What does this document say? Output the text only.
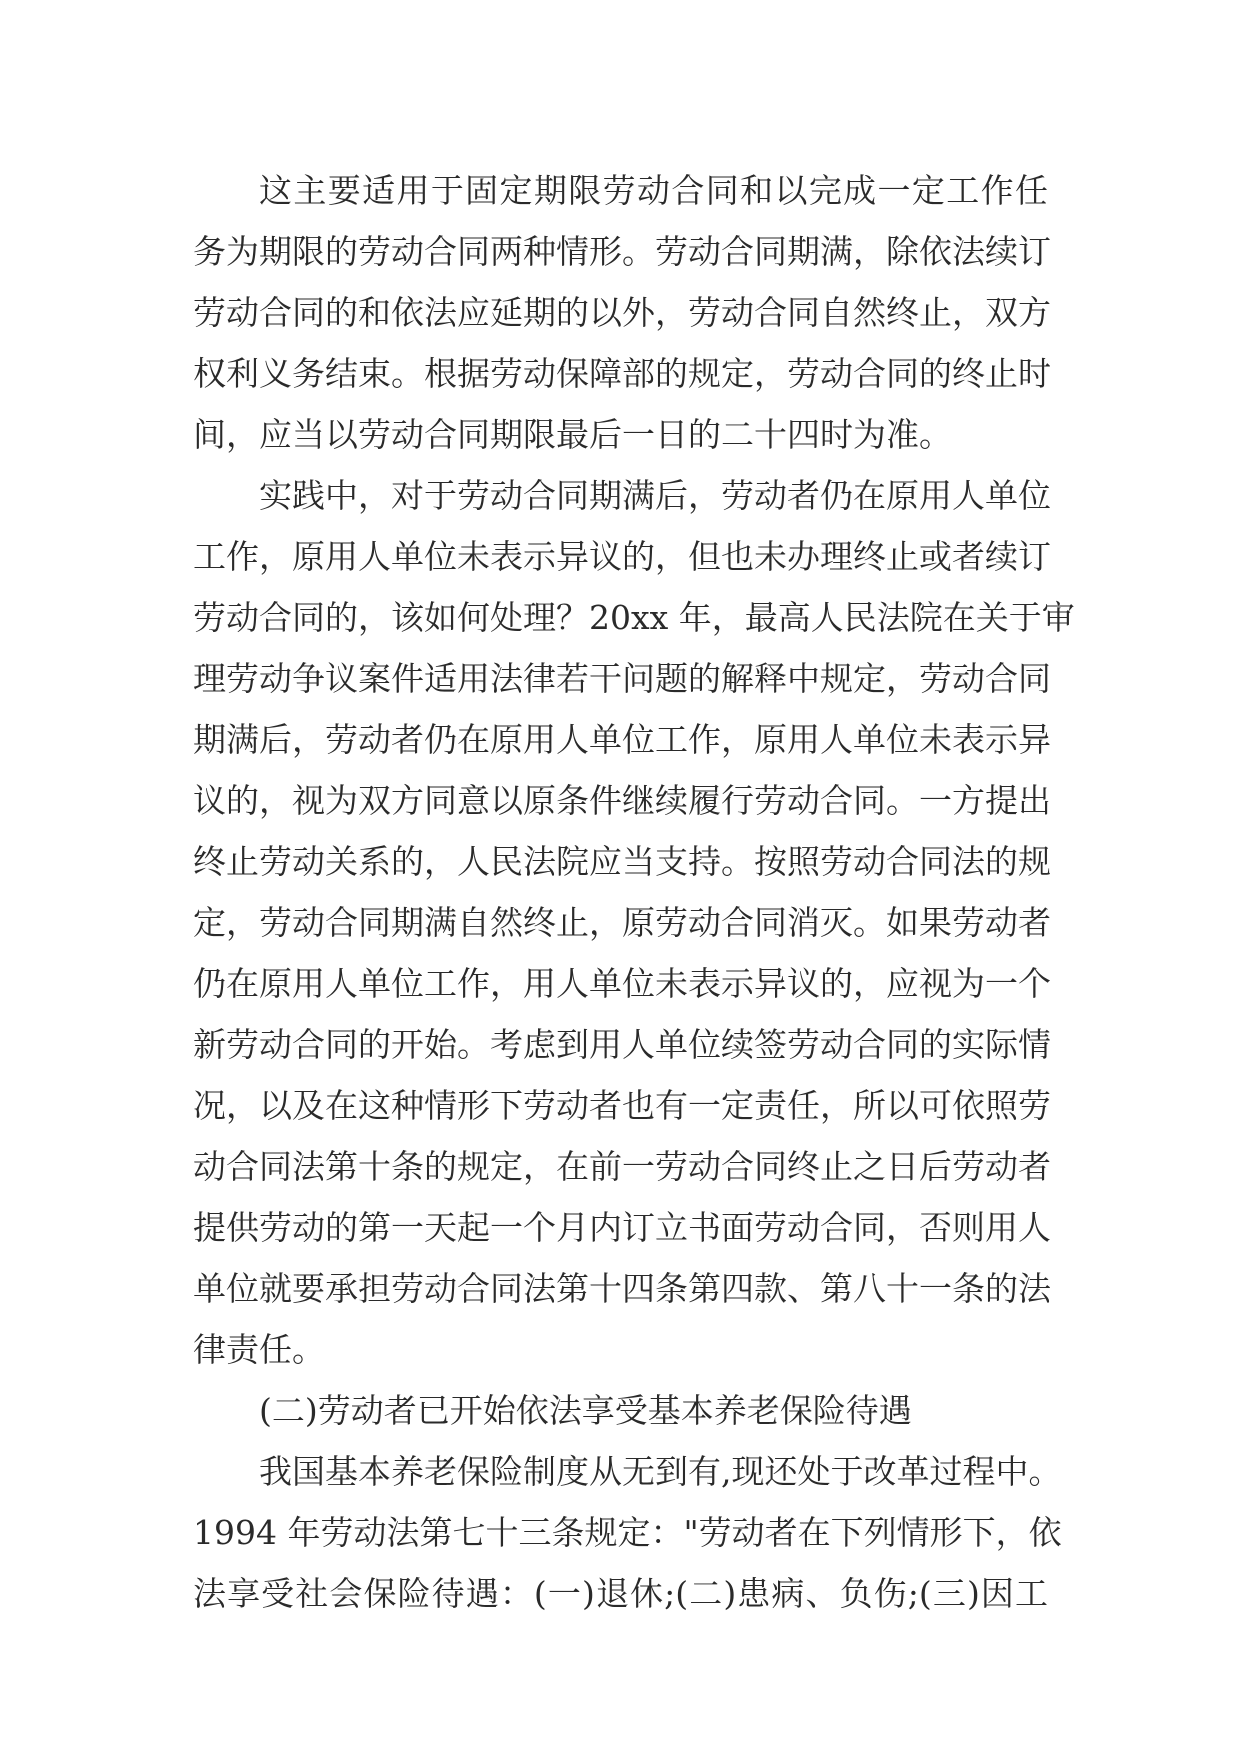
这主要适用于固定期限劳动合同和以完成一定工作任
务为期限的劳动合同两种情形。劳动合同期满，除依法续订
劳动合同的和依法应延期的以外，劳动合同自然终止，双方
权利义务结束。根据劳动保障部的规定，劳动合同的终止时
间，应当以劳动合同期限最后一日的二十四时为准。
实践中，对于劳动合同期满后，劳动者仍在原用人单位
工作，原用人单位未表示异议的，但也未办理终止或者续订
劳动合同的，该如何处理？20xx 年，最高人民法院在关于审
理劳动争议案件适用法律若干问题的解释中规定，劳动合同
期满后，劳动者仍在原用人单位工作，原用人单位未表示异
议的，视为双方同意以原条件继续履行劳动合同。一方提出
终止劳动关系的，人民法院应当支持。按照劳动合同法的规
定，劳动合同期满自然终止，原劳动合同消灭。如果劳动者
仍在原用人单位工作，用人单位未表示异议的，应视为一个
新劳动合同的开始。考虑到用人单位续签劳动合同的实际情
况，以及在这种情形下劳动者也有一定责任，所以可依照劳
动合同法第十条的规定，在前一劳动合同终止之日后劳动者
提供劳动的第一天起一个月内订立书面劳动合同，否则用人
单位就要承担劳动合同法第十四条第四款、第八十一条的法
律责任。
(二)劳动者已开始依法享受基本养老保险待遇
我国基本养老保险制度从无到有,现还处于改革过程中。
1994 年劳动法第七十三条规定："劳动者在下列情形下，依
法享受社会保险待遇：(一)退休;(二)患病、负伤;(三)因工
